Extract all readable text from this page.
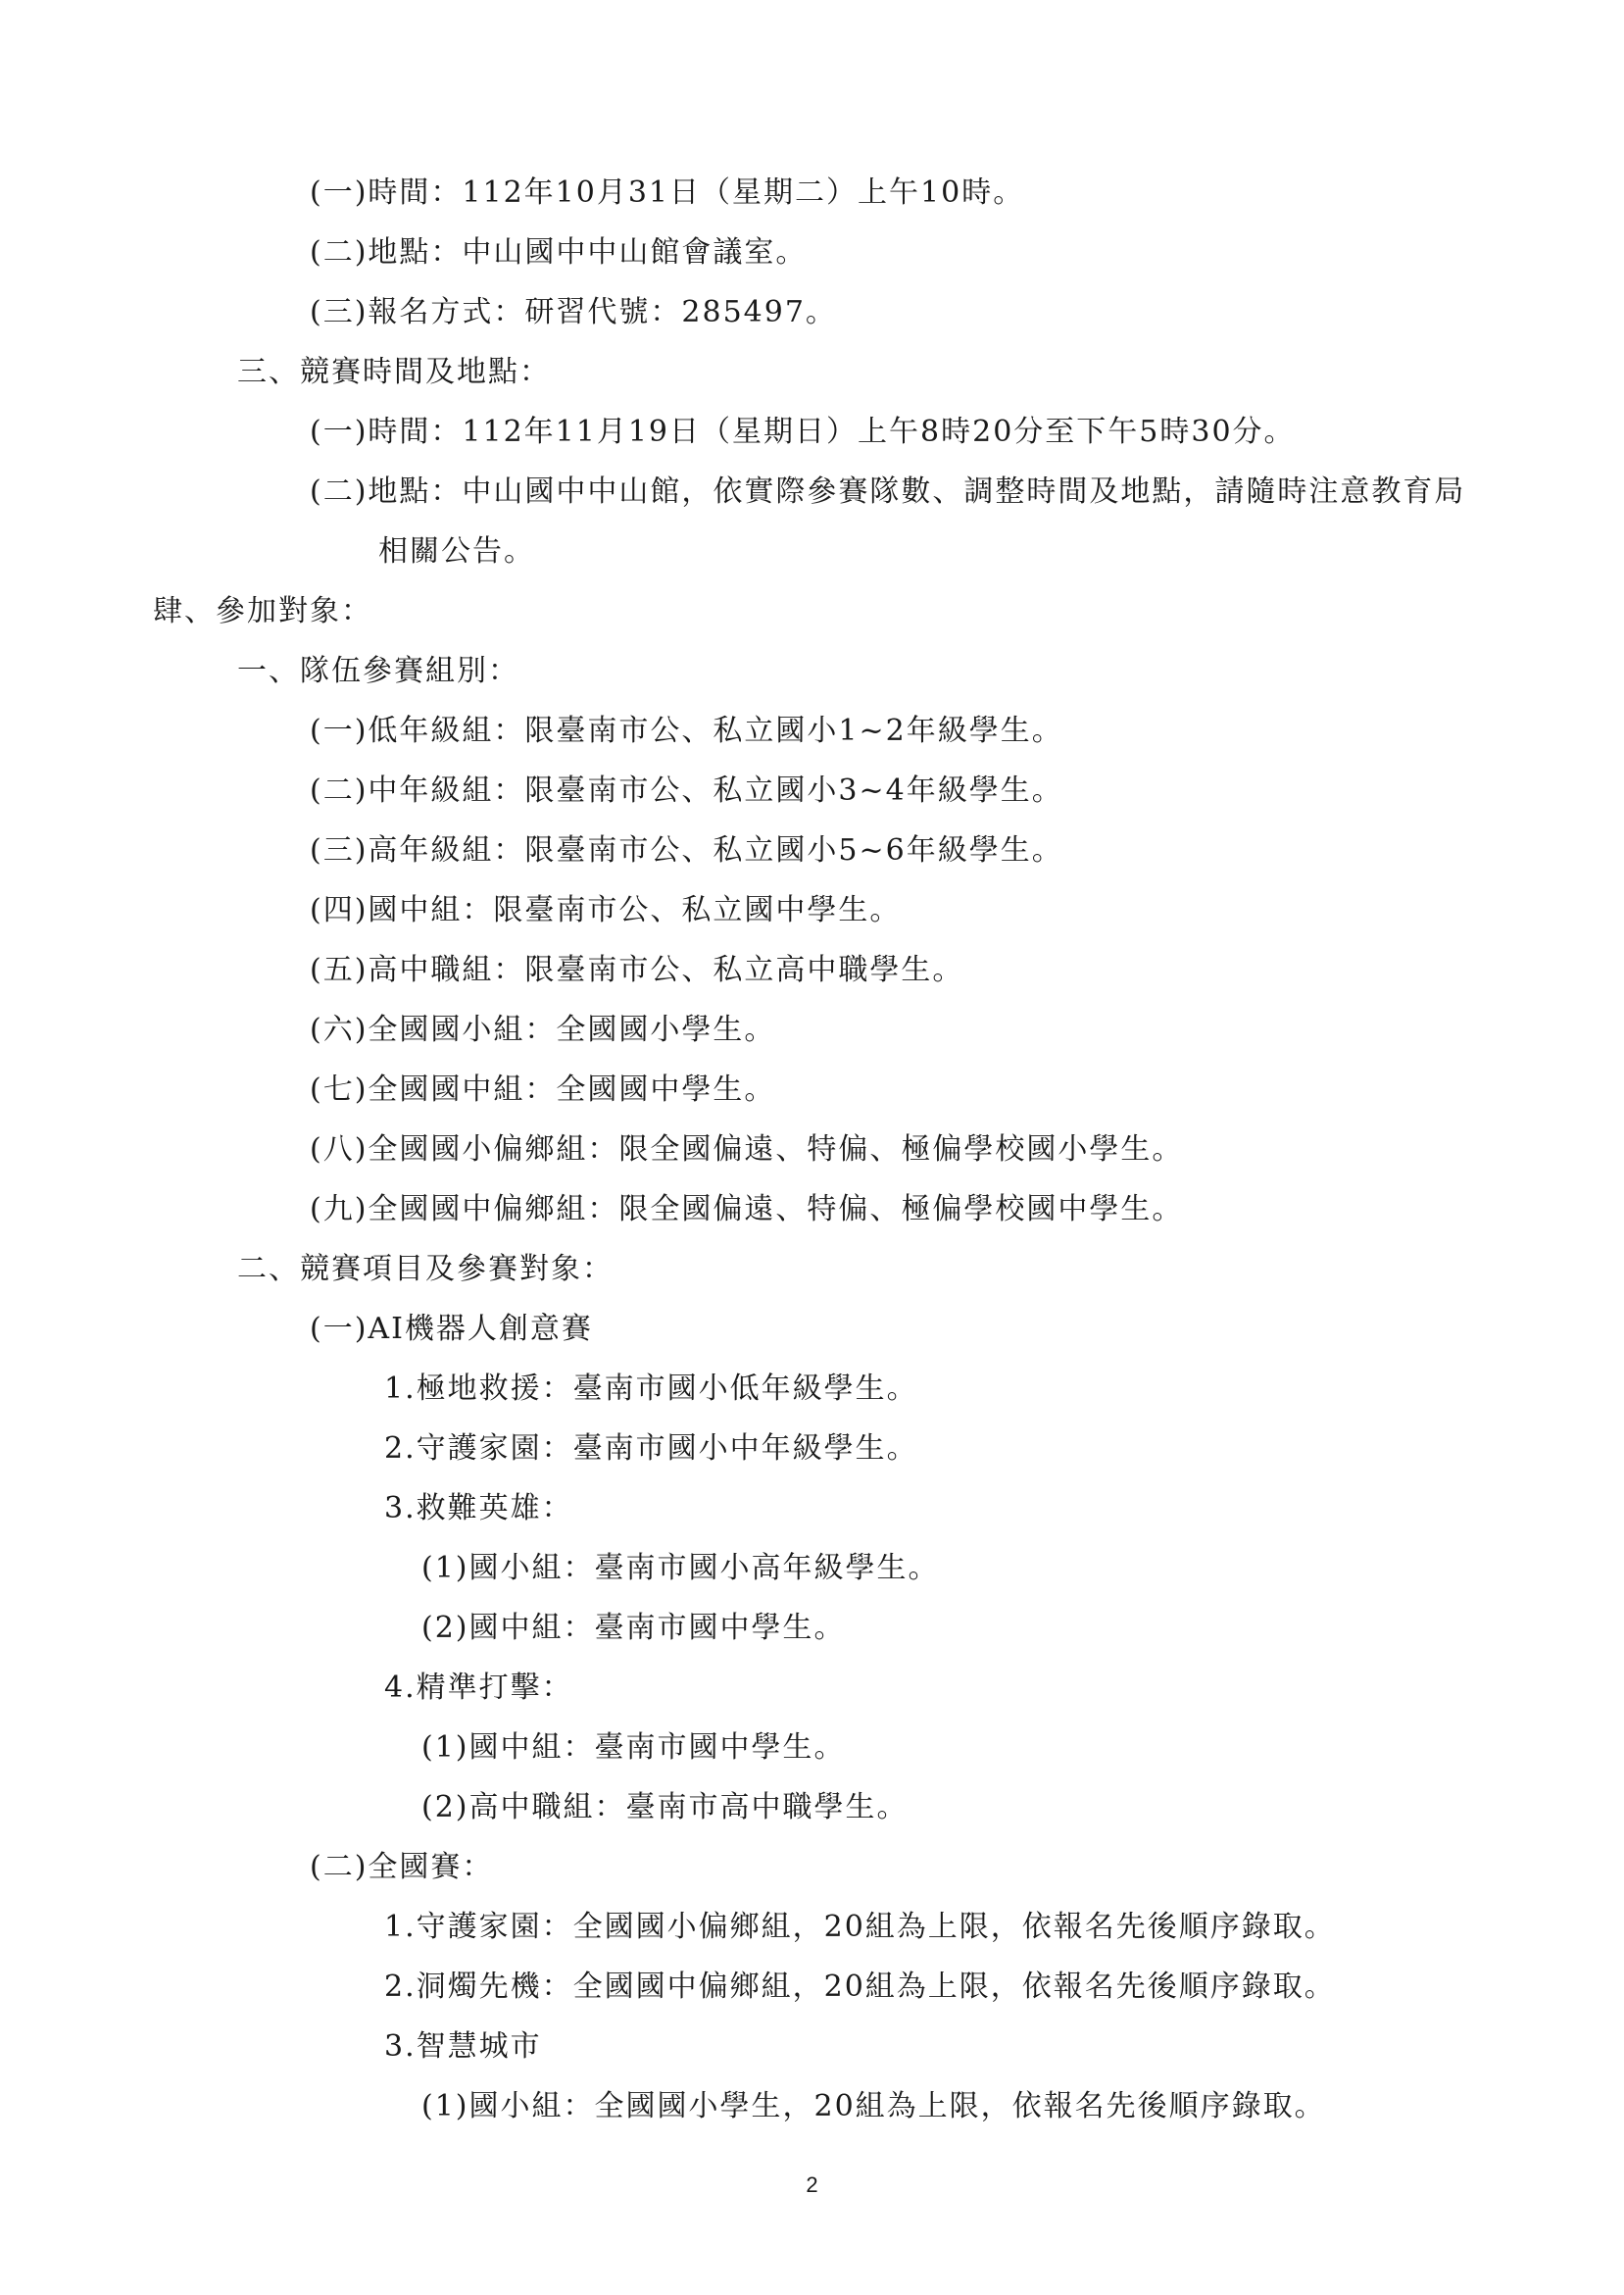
(一)時間：112年10月31日（星期二）上午10時。
(二)地點：中山國中中山館會議室。
(三)報名方式：研習代號：285497。
三、競賽時間及地點：
(一)時間：112年11月19日（星期日）上午8時20分至下午5時30分。
(二)地點：中山國中中山館，依實際參賽隊數、調整時間及地點，請隨時注意教育局
相關公告。
肆、參加對象：
一、隊伍參賽組別：
(一)低年級組：限臺南市公、私立國小1~2年級學生。
(二)中年級組：限臺南市公、私立國小3~4年級學生。
(三)高年級組：限臺南市公、私立國小5~6年級學生。
(四)國中組：限臺南市公、私立國中學生。
(五)高中職組：限臺南市公、私立高中職學生。
(六)全國國小組：全國國小學生。
(七)全國國中組：全國國中學生。
(八)全國國小偏鄉組：限全國偏遠、特偏、極偏學校國小學生。
(九)全國國中偏鄉組：限全國偏遠、特偏、極偏學校國中學生。
二、競賽項目及參賽對象：
(一)AI機器人創意賽
1.極地救援：臺南市國小低年級學生。
2.守護家園：臺南市國小中年級學生。
3.救難英雄：
(1)國小組：臺南市國小高年級學生。
(2)國中組：臺南市國中學生。
4.精準打擊：
(1)國中組：臺南市國中學生。
(2)高中職組：臺南市高中職學生。
(二)全國賽：
1.守護家園：全國國小偏鄉組，20組為上限，依報名先後順序錄取。
2.洞燭先機：全國國中偏鄉組，20組為上限，依報名先後順序錄取。
3.智慧城市
(1)國小組：全國國小學生，20組為上限，依報名先後順序錄取。
2
